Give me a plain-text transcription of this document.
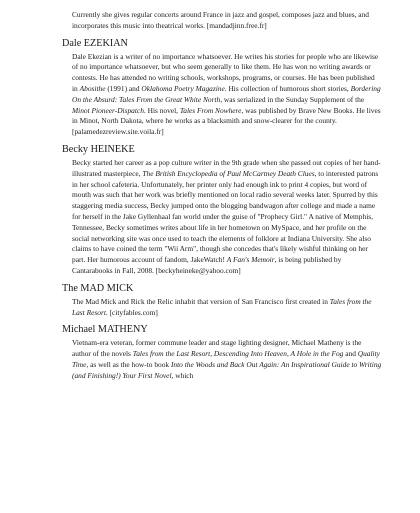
Currently she gives regular concerts around France in jazz and gospel, composes jazz and blues, and incorporates this music into theatrical works. [mandadjinn.free.fr]

Dale EZEKIAN

Dale Ekezian is a writer of no importance whatsoever. He writes his stories for people who are likewise of no importance whatsoever, but who seem generally to like them. He has won no writing awards or contests. He has attended no writing schools, workshops, programs, or courses. He has been published in Abosithe (1991) and Oklahoma Poetry Magazine. His collection of humorous short stories, Bordering On the Absurd: Tales From the Great White North, was serialized in the Sunday Supplement of the Minot Pioneer-Dispatch. His novel, Tales From Nowhere, was published by Brave New Books. He lives in Minot, North Dakota, where he works as a blacksmith and snow-clearer for the county. [palamedezreview.site.voila.fr]

Becky HEINEKE

Becky started her career as a pop culture writer in the 9th grade when she passed out copies of her hand-illustrated masterpiece, The British Encyclopedia of Paul McCartney Death Clues, to interested patrons in her school cafeteria. Unfortunately, her printer only had enough ink to print 4 copies, but word of mouth was such that her work was briefly mentioned on local radio several weeks later. Spurred by this staggering media success, Becky jumped onto the blogging bandwagon after college and made a name for herself in the Jake Gyllenhaal fan world under the guise of "Prophecy Girl." A native of Memphis, Tennessee, Becky sometimes writes about life in her hometown on MySpace, and her profile on the social networking site was once used to teach the elements of folklore at Indiana University. She also claims to have coined the term "Wii Arm", though she concedes that's likely wishful thinking on her part. Her humorous account of fandom, JakeWatch! A Fan's Memoir, is being published by Cantarabooks in Fall, 2008. [beckyheineke@yahoo.com]

The MAD MICK

The Mad Mick and Rick the Relic inhabit that version of San Francisco first created in Tales from the Last Resort. [cityfables.com]

Michael MATHENY

Vietnam-era veteran, former commune leader and stage lighting designer, Michael Matheny is the author of the novels Tales from the Last Resort, Descending Into Heaven, A Hole in the Fog and Quality Time, as well as the how-to book Into the Woods and Back Out Again: An Inspirational Guide to Writing (and Finishing!) Your First Novel, which
